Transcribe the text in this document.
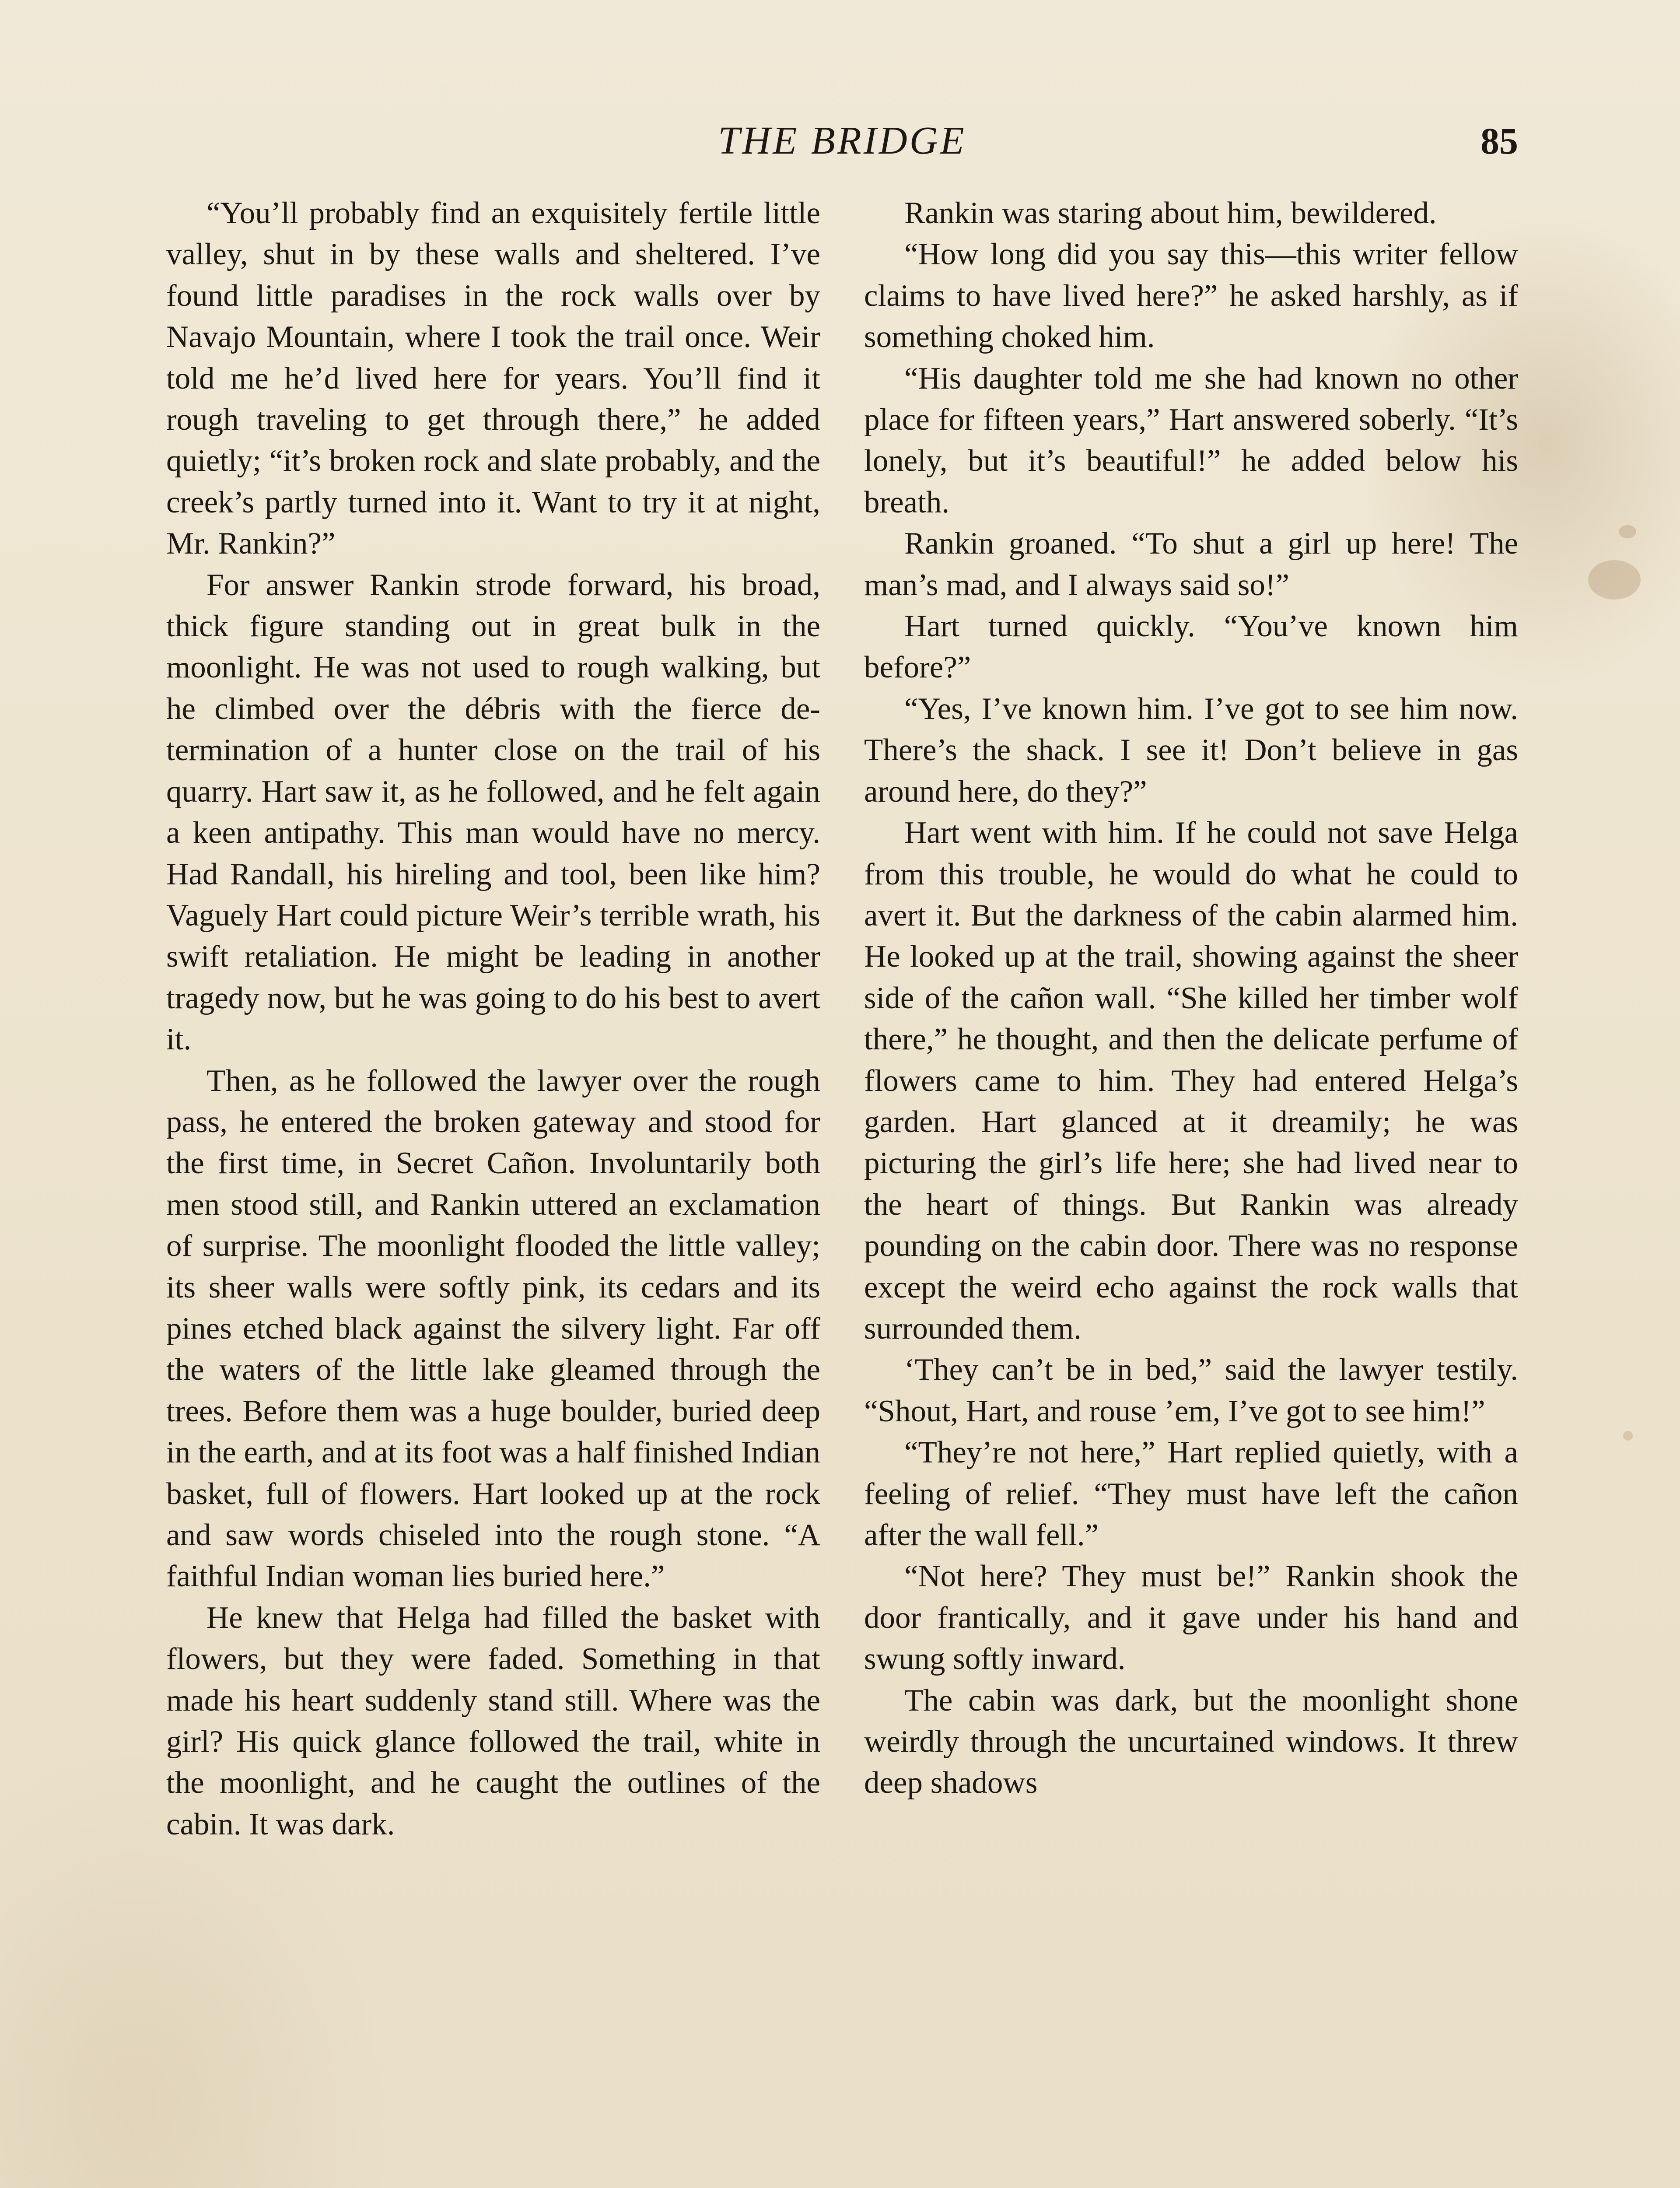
THE BRIDGE	85

“You’ll probably find an exquisitely fertile little valley, shut in by these walls and sheltered. I’ve found little paradises in the rock walls over by Navajo Mountain, where I took the trail once. Weir told me he’d lived here for years. You’ll find it rough traveling to get through there,” he added quietly; “it’s broken rock and slate probably, and the creek’s partly turned into it. Want to try it at night, Mr. Rankin?”

For answer Rankin strode forward, his broad, thick figure standing out in great bulk in the moonlight. He was not used to rough walking, but he climbed over the débris with the fierce determination of a hunter close on the trail of his quarry. Hart saw it, as he followed, and he felt again a keen antipathy. This man would have no mercy. Had Randall, his hireling and tool, been like him? Vaguely Hart could picture Weir’s terrible wrath, his swift retaliation. He might be leading in another tragedy now, but he was going to do his best to avert it.

Then, as he followed the lawyer over the rough pass, he entered the broken gateway and stood for the first time, in Secret Cañon. Involuntarily both men stood still, and Rankin uttered an exclamation of surprise. The moonlight flooded the little valley; its sheer walls were softly pink, its cedars and its pines etched black against the silvery light. Far off the waters of the little lake gleamed through the trees. Before them was a huge boulder, buried deep in the earth, and at its foot was a half finished Indian basket, full of flowers. Hart looked up at the rock and saw words chiseled into the rough stone. “A faithful Indian woman lies buried here.”

He knew that Helga had filled the basket with flowers, but they were faded. Something in that made his heart suddenly stand still. Where was the girl? His quick glance followed the trail, white in the moonlight, and he caught the outlines of the cabin. It was dark.

Rankin was staring about him, bewildered.

“How long did you say this—this writer fellow claims to have lived here?” he asked harshly, as if something choked him.

“His daughter told me she had known no other place for fifteen years,” Hart answered soberly. “It’s lonely, but it’s beautiful!” he added below his breath.

Rankin groaned. “To shut a girl up here! The man’s mad, and I always said so!”

Hart turned quickly. “You’ve known him before?”

“Yes, I’ve known him. I’ve got to see him now. There’s the shack. I see it! Don’t believe in gas around here, do they?”

Hart went with him. If he could not save Helga from this trouble, he would do what he could to avert it. But the darkness of the cabin alarmed him. He looked up at the trail, showing against the sheer side of the cañon wall. “She killed her timber wolf there,” he thought, and then the delicate perfume of flowers came to him. They had entered Helga’s garden. Hart glanced at it dreamily; he was picturing the girl’s life here; she had lived near to the heart of things. But Rankin was already pounding on the cabin door. There was no response except the weird echo against the rock walls that surrounded them.

‘They can’t be in bed,” said the lawyer testily. “Shout, Hart, and rouse ’em, I’ve got to see him!”

“They’re not here,” Hart replied quietly, with a feeling of relief. “They must have left the cañon after the wall fell.”

“Not here? They must be!” Rankin shook the door frantically, and it gave under his hand and swung softly inward.

The cabin was dark, but the moonlight shone weirdly through the uncurtained windows. It threw deep shadows
